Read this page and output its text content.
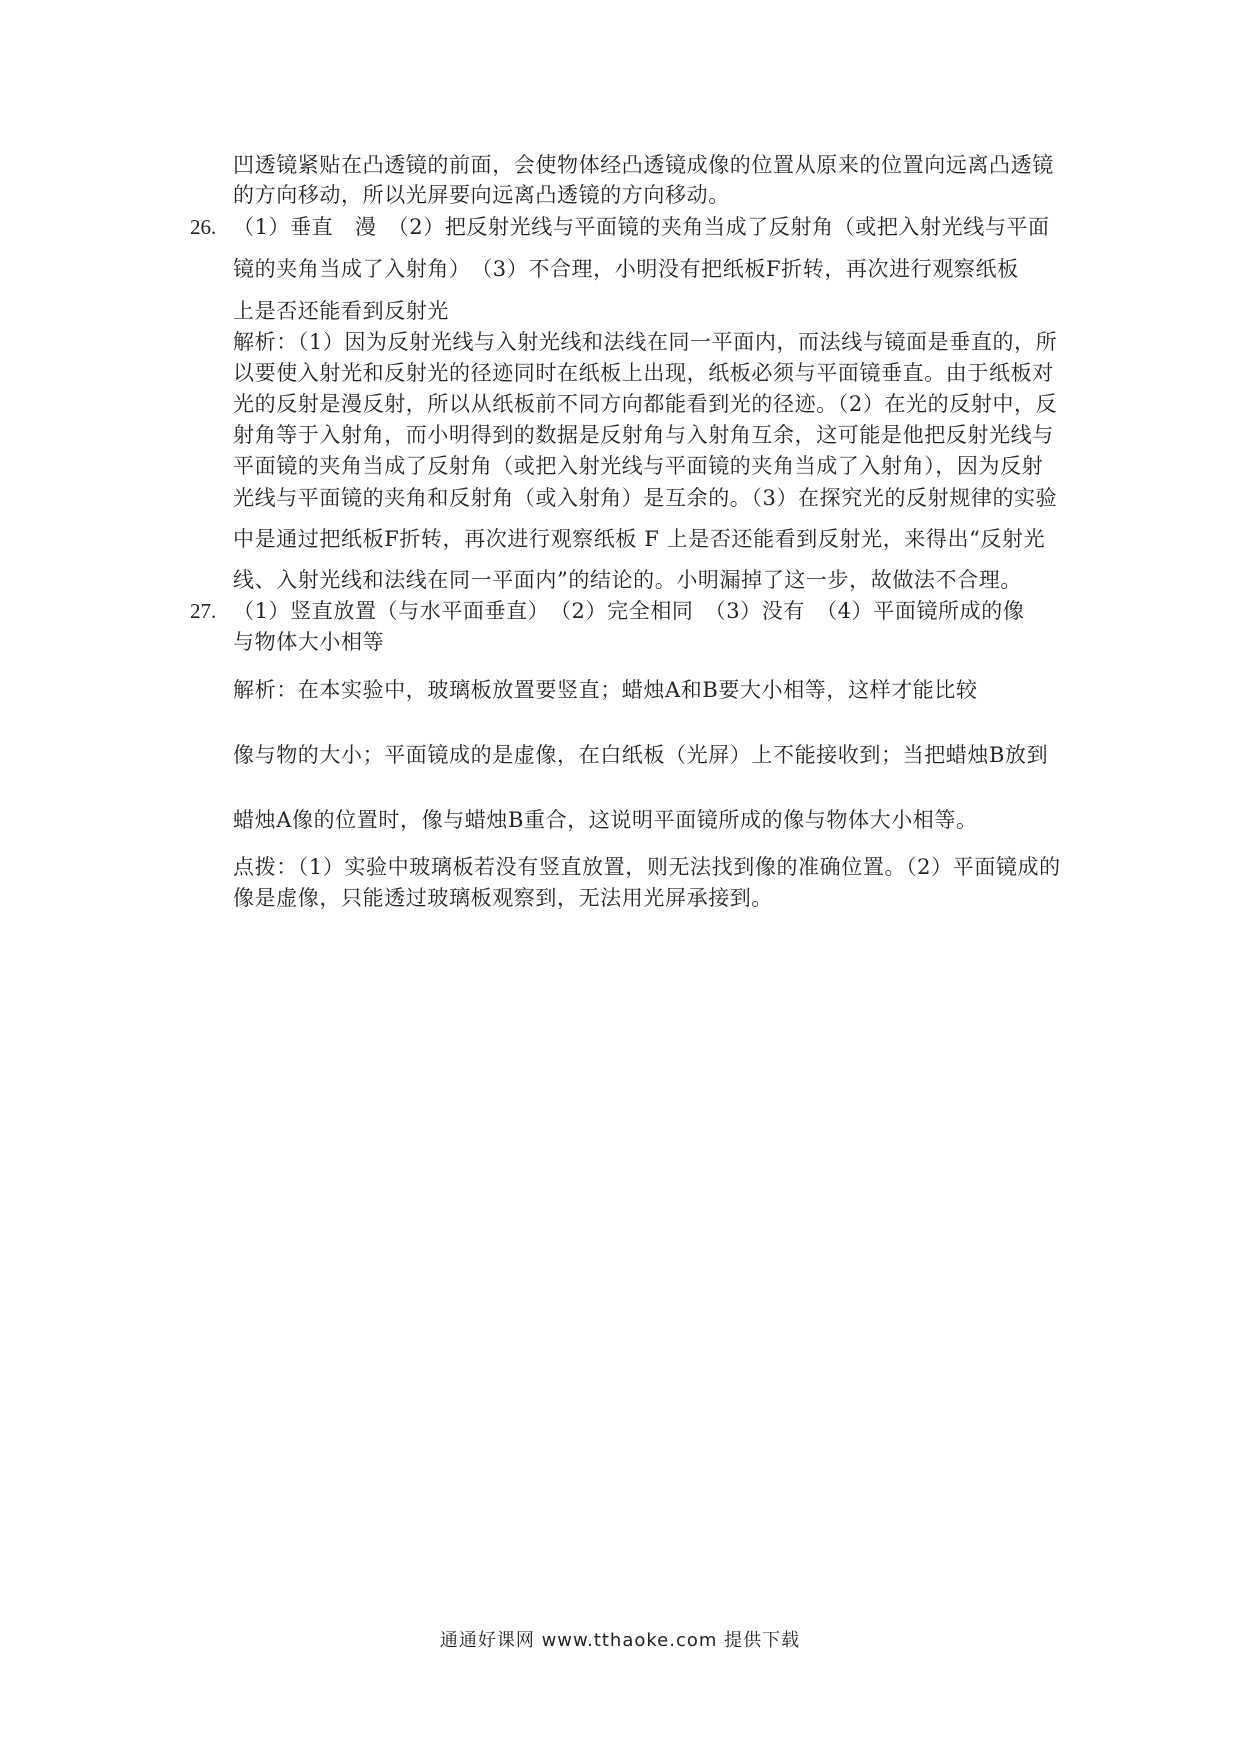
凹透镜紧贴在凸透镜的前面，会使物体经凸透镜成像的位置从原来的位置向远离凸透镜
的方向移动，所以光屏要向远离凸透镜的方向移动。
26. （1）垂直　漫　（2）把反射光线与平面镜的夹角当成了反射角（或把入射光线与平面
镜的夹角当成了入射角）　（3）不合理，小明没有把纸板F折转，再次进行观察纸板
上是否还能看到反射光
解析：（1）因为反射光线与入射光线和法线在同一平面内，而法线与镜面是垂直的，所
以要使入射光和反射光的径迹同时在纸板上出现，纸板必须与平面镜垂直。由于纸板对
光的反射是漫反射，所以从纸板前不同方向都能看到光的径迹。（2）在光的反射中，反
射角等于入射角，而小明得到的数据是反射角与入射角互余，这可能是他把反射光线与
平面镜的夹角当成了反射角（或把入射光线与平面镜的夹角当成了入射角），因为反射
光线与平面镜的夹角和反射角（或入射角）是互余的。（3）在探究光的反射规律的实验
中是通过把纸板F折转，再次进行观察纸板 F 上是否还能看到反射光，来得出“反射光
线、入射光线和法线在同一平面内”的结论的。小明漏掉了这一步，故做法不合理。
27. （1）竖直放置（与水平面垂直）　（2）完全相同　（3）没有　（4）平面镜所成的像
与物体大小相等
解析：在本实验中，玻璃板放置要竖直；蜡烛A和B要大小相等，这样才能比较
像与物的大小；平面镜成的是虚像，在白纸板（光屏）上不能接收到；当把蜡烛B放到
蜡烛A像的位置时，像与蜡烛B重合，这说明平面镜所成的像与物体大小相等。
点拨：（1）实验中玻璃板若没有竖直放置，则无法找到像的准确位置。（2）平面镜成的
像是虚像，只能透过玻璃板观察到，无法用光屏承接到。
通通好课网 www.tthaoke.com 提供下载
